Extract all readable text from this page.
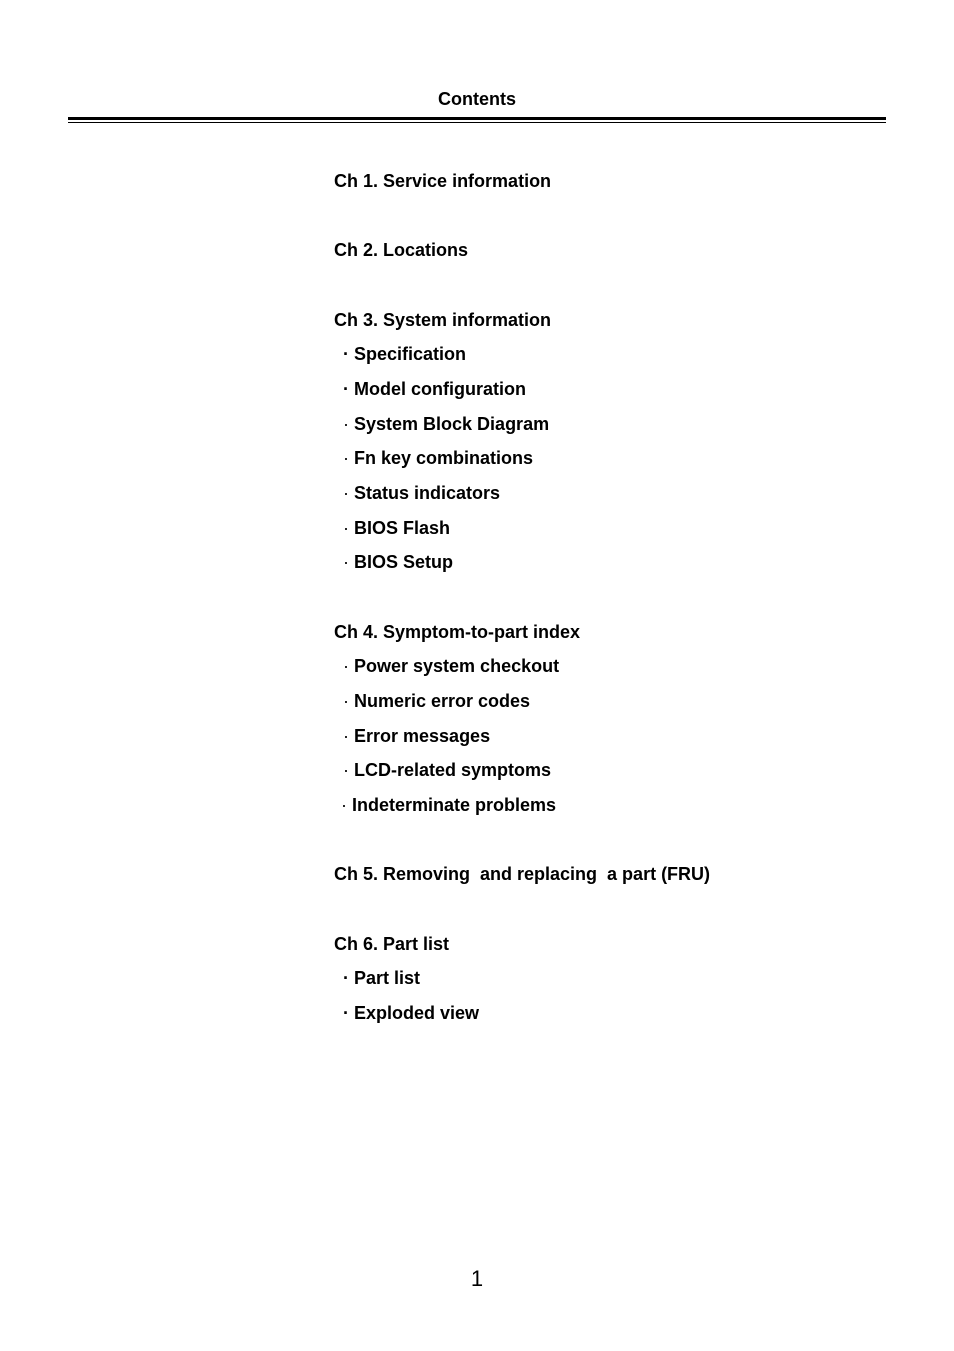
Contents
Ch 1. Service information
Ch 2. Locations
Ch 3. System information
· Specification
· Model configuration
· System Block Diagram
· Fn key combinations
· Status indicators
· BIOS Flash
· BIOS Setup
Ch 4. Symptom-to-part index
· Power system checkout
· Numeric error codes
· Error messages
· LCD-related symptoms
· Indeterminate problems
Ch 5. Removing  and replacing  a part (FRU)
Ch 6. Part list
· Part list
· Exploded view
1
